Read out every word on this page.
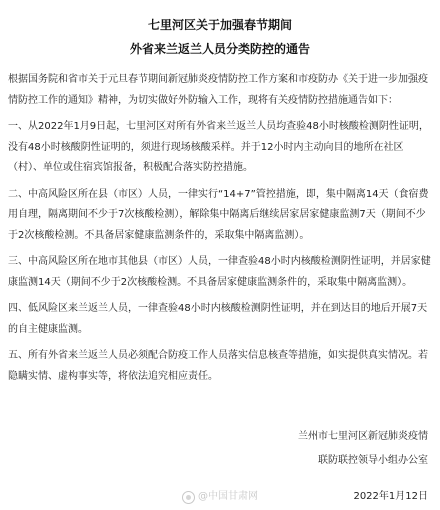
七里河区关于加强春节期间
外省来兰返兰人员分类防控的通告

根据国务院和省市关于元旦春节期间新冠肺炎疫情防控工作方案和市疫防办《关于进一步加强疫情防控工作的通知》精神，为切实做好外防输入工作，现将有关疫情防控措施通告如下：

一、从2022年1月9日起，七里河区对所有外省来兰返兰人员均查验48小时核酸检测阴性证明，没有48小时核酸阴性证明的，须进行现场核酸采样。并于12小时内主动向目的地所在社区（村）、单位或住宿宾馆报备，积极配合落实防控措施。

二、中高风险区所在县（市区）人员，一律实行“14+7”管控措施，即，集中隔离14天（食宿费用自理，隔离期间不少于7次核酸检测），解除集中隔离后继续居家居家健康监测7天（期间不少于2次核酸检测。不具备居家健康监测条件的，采取集中隔离监测）。

三、中高风险区所在地市其他县（市区）人员，一律查验48小时内核酸检测阴性证明，并居家健康监测14天（期间不少于2次核酸检测。不具备居家健康监测条件的，采取集中隔离监测）。

四、低风险区来兰返兰人员，一律查验48小时内核酸检测阴性证明，并在到达目的地后开展7天的自主健康监测。

五、所有外省来兰返兰人员必须配合防疫工作人员落实信息核查等措施，如实提供真实情况。若隐瞒实情、虚构事实等，将依法追究相应责任。

兰州市七里河区新冠肺炎疫情
联防联控领导小组办公室
@中国甘肃网	2022年1月12日
